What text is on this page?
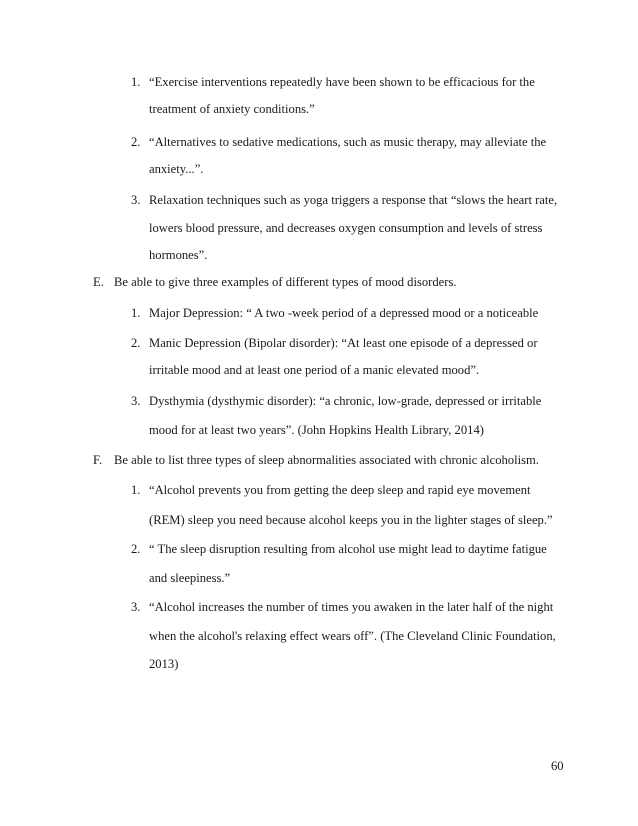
1. “Exercise interventions repeatedly have been shown to be efficacious for the
treatment of anxiety conditions.”
2. “Alternatives to sedative medications, such as music therapy, may alleviate the
anxiety...”.
3. Relaxation techniques such as yoga triggers a response that “slows the heart rate,
lowers blood pressure, and decreases oxygen consumption and levels of stress
hormones”.
E. Be able to give three examples of different types of mood disorders.
1. Major Depression: “ A two -week period of a depressed mood or a noticeable
2. Manic Depression (Bipolar disorder): “At least one episode of a depressed or
irritable mood and at least one period of a manic elevated mood”.
3. Dysthymia (dysthymic disorder): “a chronic, low-grade, depressed or irritable
mood for at least two years”. (John Hopkins Health Library, 2014)
F. Be able to list three types of sleep abnormalities associated with chronic alcoholism.
1. “Alcohol prevents you from getting the deep sleep and rapid eye movement
(REM) sleep you need because alcohol keeps you in the lighter stages of sleep.”
2. “ The sleep disruption resulting from alcohol use might lead to daytime fatigue
and sleepiness.”
3. “Alcohol increases the number of times you awaken in the later half of the night
when the alcohol's relaxing effect wears off”. (The Cleveland Clinic Foundation,
2013)
60
